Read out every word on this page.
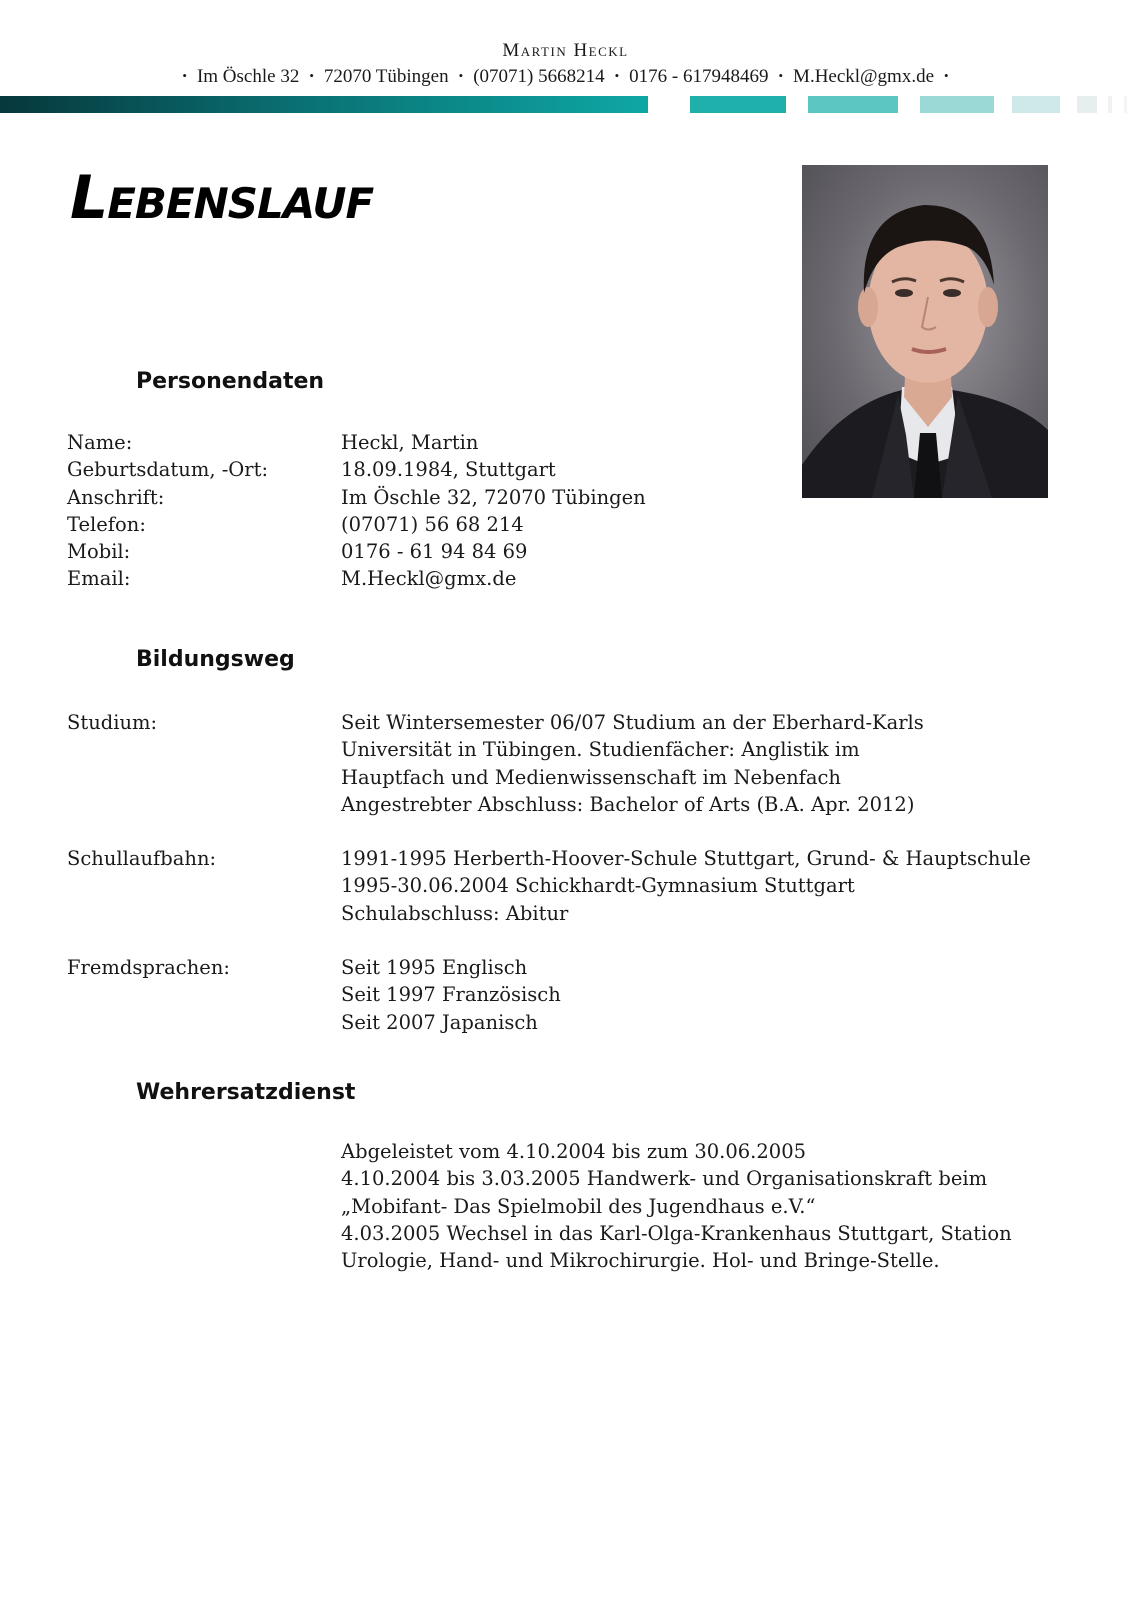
Martin Heckl
• Im Öschle 32 • 72070 Tübingen • (07071) 5668214 • 0176 - 617948469 • M.Heckl@gmx.de •
Lebenslauf
Personendaten
Name:	Heckl, Martin
Geburtsdatum, -Ort:	18.09.1984, Stuttgart
Anschrift:	Im Öschle 32, 72070 Tübingen
Telefon:	(07071) 56 68 214
Mobil:	0176 - 61 94 84 69
Email:	M.Heckl@gmx.de
Bildungsweg
Studium:	Seit Wintersemester 06/07 Studium an der Eberhard-Karls
Universität in Tübingen. Studienfächer: Anglistik im
Hauptfach und Medienwissenschaft im Nebenfach
Angestrebter Abschluss: Bachelor of Arts (B.A. Apr. 2012)
Schullaufbahn:	1991-1995 Herberth-Hoover-Schule Stuttgart, Grund- & Hauptschule
1995-30.06.2004 Schickhardt-Gymnasium Stuttgart
Schulabschluss: Abitur
Fremdsprachen:	Seit 1995 Englisch
Seit 1997 Französisch
Seit 2007 Japanisch
Wehrersatzdienst
Abgeleistet vom 4.10.2004 bis zum 30.06.2005
4.10.2004 bis 3.03.2005 Handwerk- und Organisationskraft beim
„Mobifant- Das Spielmobil des Jugendhaus e.V.“
4.03.2005 Wechsel in das Karl-Olga-Krankenhaus Stuttgart, Station
Urologie, Hand- und Mikrochirurgie. Hol- und Bringe-Stelle.
